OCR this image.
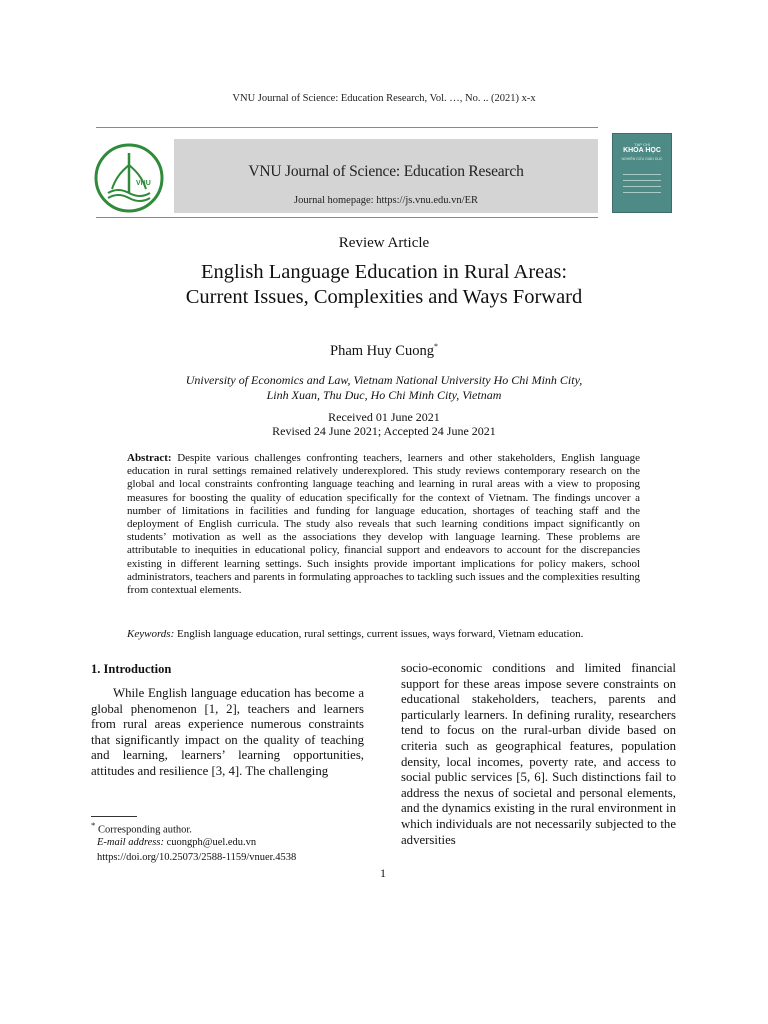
VNU Journal of Science: Education Research, Vol. …, No. .. (2021) x-x
VNU
VNU Journal of Science: Education Research
Journal homepage: https://js.vnu.edu.vn/ER
TẠP CHÍ
KHOA HỌC
NGHIÊN CỨU GIÁO DỤC
Review Article
English Language Education in Rural Areas:
Current Issues, Complexities and Ways Forward
Pham Huy Cuong*
University of Economics and Law, Vietnam National University Ho Chi Minh City,
Linh Xuan, Thu Duc, Ho Chi Minh City, Vietnam
Received 01 June 2021
Revised 24 June 2021; Accepted 24 June 2021
Abstract: Despite various challenges confronting teachers, learners and other stakeholders, English language education in rural settings remained relatively underexplored. This study reviews contemporary research on the global and local constraints confronting language teaching and learning in rural areas with a view to proposing measures for boosting the quality of education specifically for the context of Vietnam. The findings uncover a number of limitations in facilities and funding for language education, shortages of teaching staff and the deployment of English curricula. The study also reveals that such learning conditions impact significantly on students’ motivation as well as the associations they develop with language learning. These problems are attributable to inequities in educational policy, financial support and endeavors to account for the discrepancies existing in different learning settings. Such insights provide important implications for policy makers, school administrators, teachers and parents in formulating approaches to tackling such issues and the complexities resulting from contextual elements.
Keywords: English language education, rural settings, current issues, ways forward, Vietnam education.
1. Introduction
While English language education has become a global phenomenon [1, 2], teachers and learners from rural areas experience numerous constraints that significantly impact on the quality of teaching and learning, learners’ learning opportunities, attitudes and resilience [3, 4]. The challenging
socio-economic conditions and limited financial support for these areas impose severe constraints on educational stakeholders, teachers, parents and particularly learners. In defining rurality, researchers tend to focus on the rural-urban divide based on criteria such as geographical features, population density, local incomes, poverty rate, and access to social public services [5, 6]. Such distinctions fail to address the nexus of societal and personal elements, and the dynamics existing in the rural environment in which individuals are not necessarily subjected to the adversities
* Corresponding author.
E-mail address: cuongph@uel.edu.vn
https://doi.org/10.25073/2588-1159/vnuer.4538
1
